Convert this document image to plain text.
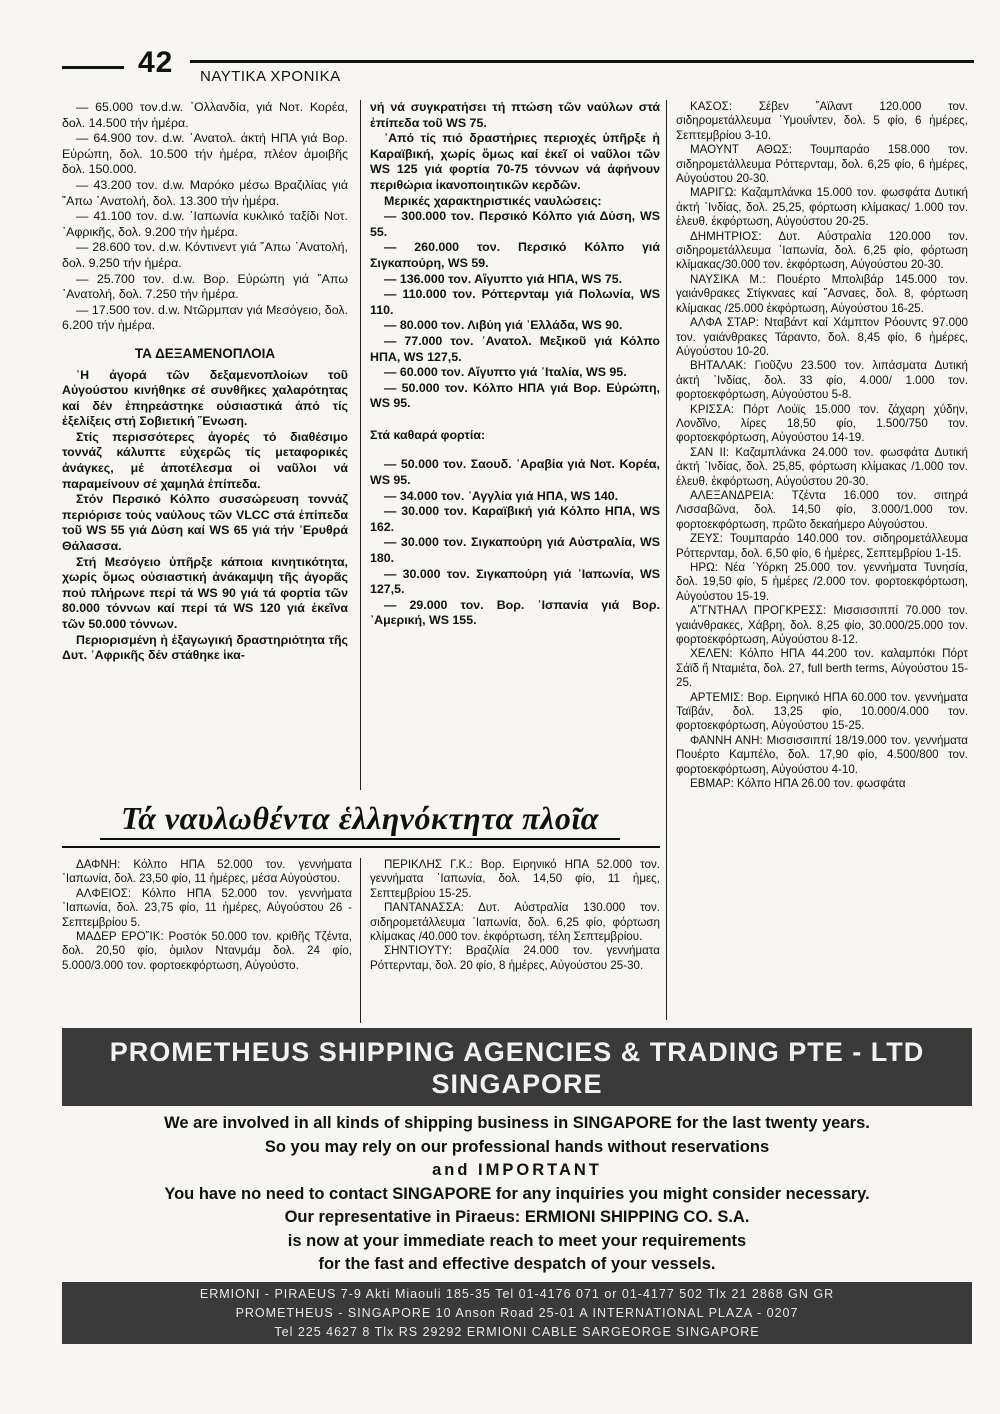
42 ΝΑΥΤΙΚΑ ΧΡΟΝΙΚΑ

— 65.000 τον.d.w. ᾿Ολλανδία, γιά Νοτ. Κορέα, δολ. 14.500 τήν ἡμέρα.

— 64.900 τον. d.w. ᾿Ανατολ. ἀκτή ΗΠΑ γιά Βορ. Εὐρώπη, δολ. 10.500 τήν ἡμέρα, πλέον ἀμοιβῆς δολ. 150.000.

— 43.200 τον. d.w. Μαρόκο μέσω Βραζιλίας γιά ῎Απω ᾿Ανατολή, δολ. 13.300 τήν ἡμέρα.

— 41.100 τον. d.w. ᾿Ιαπωνία κυκλικό ταξίδι Νοτ. ᾿Αφρικῆς, δολ. 9.200 τήν ἡμέρα.

— 28.600 τον. d.w. Κόντινεντ γιά ῎Απω ᾿Ανατολή, δολ. 9.250 τήν ἡμέρα.

— 25.700 τον. d.w. Βορ. Εὐρώπη γιά ῎Απω ᾿Ανατολή, δολ. 7.250 τήν ἡμέρα.

— 17.500 τον. d.w. Ντῶρμπαν γιά Μεσόγειο, δολ. 6.200 τήν ἡμέρα.

ΤΑ ΔΕΞΑΜΕΝΟΠΛΟΙΑ

῾Η ἀγορά τῶν δεξαμενοπλοίων τοῦ Αὐγούστου κινήθηκε σέ συνθῆκες χαλαρότητας καί δέν ἐπηρεάστηκε οὐσιαστικά ἀπό τίς ἐξελίξεις στή Σοβιετική ῞Ενωση.

Στίς περισσότερες ἀγορές τό διαθέσιμο τοννάζ κάλυπτε εὐχερῶς τίς μεταφορικές ἀνάγκες, μέ ἀποτέλεσμα οἱ ναῦλοι νά παραμείνουν σέ χαμηλά ἐπίπεδα.

Στόν Περσικό Κόλπο συσσώρευση τοννάζ περιόρισε τούς ναύλους τῶν VLCC στά ἐπίπεδα τοῦ WS 55 γιά Δύση καί WS 65 γιά τήν ᾿Ερυθρά Θάλασσα.

Στή Μεσόγειο ὑπῆρξε κάποια κινητικότητα, χωρίς ὅμως οὐσιαστική ἀνάκαμψη τῆς ἀγορᾶς πού πλήρωνε περί τά WS 90 γιά τά φορτία τῶν 80.000 τόννων καί περί τά WS 120 γιά ἐκεῖνα τῶν 50.000 τόννων.

Περιορισμένη ἡ ἐξαγωγική δραστηριότητα τῆς Δυτ. ᾿Αφρικῆς δέν στάθηκε ἱκα-

νή νά συγκρατήσει τή πτώση τῶν ναύλων στά ἐπίπεδα τοῦ WS 75.

᾿Από τίς πιό δραστήριες περιοχές ὑπῆρξε ἡ Καραϊβική, χωρίς ὅμως καί ἐκεῖ οἱ ναῦλοι τῶν WS 125 γιά φορτία 70-75 τόννων νά ἀφήνουν περιθώρια ἱκανοποιητικῶν κερδῶν.

Μερικές χαρακτηριστικές ναυλώσεις:

— 300.000 τον. Περσικό Κόλπο γιά Δύση, WS 55.

— 260.000 τον. Περσικό Κόλπο γιά Σιγκαπούρη, WS 59.

— 136.000 τον. Αἴγυπτο γιά ΗΠΑ, WS 75.

— 110.000 τον. Ρόττερνταμ γιά Πολωνία, WS 110.

— 80.000 τον. Λιβύη γιά ᾿Ελλάδα, WS 90.

— 77.000 τον. ᾿Ανατολ. Μεξικοῦ γιά Κόλπο ΗΠΑ, WS 127,5.

— 60.000 τον. Αἴγυπτο γιά ᾿Ιταλία, WS 95.

— 50.000 τον. Κόλπο ΗΠΑ γιά Βορ. Εὐρώπη, WS 95.

Στά καθαρά φορτία:

— 50.000 τον. Σαουδ. ᾿Αραβία γιά Νοτ. Κορέα, WS 95.

— 34.000 τον. ᾿Αγγλία γιά ΗΠΑ, WS 140.

— 30.000 τον. Καραϊβική γιά Κόλπο ΗΠΑ, WS 162.

— 30.000 τον. Σιγκαπούρη γιά Αὐστραλία, WS 180.

— 30.000 τον. Σιγκαπούρη γιά ᾿Ιαπωνία, WS 127,5.

— 29.000 τον. Βορ. ᾿Ισπανία γιά Βορ. ᾿Αμερική, WS 155.

ΚΑΣΟΣ: Σέβεν ῎Αϊλαντ 120.000 τον. σιδηρομετάλλευμα ῾Υμουΐντεν, δολ. 5 φίο, 6 ἡμέρες, Σεπτεμβρίου 3-10.

ΜΑΟΥΝΤ ΑΘΩΣ: Τουμπαράο 158.000 τον. σιδηρομετάλλευμα Ρόττερνταμ, δολ. 6,25 φίο, 6 ἡμέρες, Αὐγούστου 20-30.

ΜΑΡΙΓΩ: Καζαμπλάνκα 15.000 τον. φωσφάτα Δυτική ἀκτή ᾿Ινδίας, δολ. 25,25, φόρτωση κλίμακας/ 1.000 τον. ἐλευθ. ἐκφόρτωση, Αὐγούστου 20-25.

ΔΗΜΗΤΡΙΟΣ: Δυτ. Αὐστραλία 120.000 τον. σιδηρομετάλλευμα ᾿Ιαπωνία, δολ. 6,25 φίο, φόρτωση κλίμακας/30.000 τον. ἐκφόρτωση, Αὐγούστου 20-30.

ΝΑΥΣΙΚΑ Μ.: Πουέρτο Μπολιβάρ 145.000 τον. γαιάνθρακες Στίγκναες καί ῎Ασναες, δολ. 8, φόρτωση κλίμακας /25.000 ἐκφόρτωση, Αὐγούστου 16-25.

ΑΛΦΑ ΣΤΑΡ: Νταβάντ καί Χάμπτον Ρόουντς 97.000 τον. γαιάνθρακες Τάραντο, δολ. 8,45 φίο, 6 ἡμέρες, Αὐγούστου 10-20.

ΒΗΤΑΛΑΚ: Γιοῦζνυ 23.500 τον. λιπάσματα Δυτική ἀκτή ᾿Ινδίας, δολ. 33 φίο, 4.000/ 1.000 τον. φορτοεκφόρτωση, Αὐγούστου 5-8.

ΚΡΙΣΣΑ: Πόρτ Λούϊς 15.000 τον. ζάχαρη χύδην, Λονδῖνο, λίρες 18,50 φίο, 1.500/750 τον. φορτοεκφόρτωση, Αὐγούστου 14-19.

ΣΑΝ ΙΙ: Καζαμπλάνκα 24.000 τον. φωσφάτα Δυτική ἀκτή ᾿Ινδίας, δολ. 25,85, φόρτωση κλίμακας /1.000 τον. ἐλευθ. ἐκφόρτωση, Αὐγούστου 20-30.

ΑΛΕΞΑΝΔΡΕΙΑ: Τζέντα 16.000 τον. σιτηρά Λισσαβῶνα, δολ. 14,50 φίο, 3.000/1.000 τον. φορτοεκφόρτωση, πρῶτο δεκαήμερο Αὐγούστου.

ΖΕΥΣ: Τουμπαράο 140.000 τον. σιδηρομετάλλευμα Ρόττερνταμ, δολ. 6,50 φίο, 6 ἡμέρες, Σεπτεμβρίου 1-15.

ΗΡΩ: Νέα ῾Υόρκη 25.000 τον. γεννήματα Τυνησία, δολ. 19,50 φίο, 5 ἡμέρες /2.000 τον. φορτοεκφόρτωση, Αὐγούστου 15-19.

Α῞ΓΝΤΗΑΛ ΠΡΟΓΚΡΕΣΣ: Μισσισσιππί 70.000 τον. γαιάνθρακες, Χάβρη, δολ. 8,25 φίο, 30.000/25.000 τον. φορτοεκφόρτωση, Αὐγούστου 8-12.

ΧΕΛΕΝ: Κόλπο ΗΠΑ 44.200 τον. καλαμπόκι Πόρτ Σάϊδ ἤ Νταμιέτα, δολ. 27, full berth terms, Αὐγούστου 15-25.

ΑΡΤΕΜΙΣ: Βορ. Ειρηνικό ΗΠΑ 60.000 τον. γεννήματα Ταϊβάν, δολ. 13,25 φίο, 10.000/4.000 τον. φορτοεκφόρτωση, Αὐγούστου 15-25.

ΦΑΝΝΗ ΑΝΗ: Μισσισσιππί 18/19.000 τον. γεννήματα Πουέρτο Καμπέλο, δολ. 17,90 φίο, 4.500/800 τον. φορτοεκφόρτωση, Αὐγούστου 4-10.

ΕΒΜΑΡ: Κόλπο ΗΠΑ 26.00 τον. φωσφάτα

Τά ναυλωθέντα ἑλληνόκτητα πλοῖα

ΔΑΦΝΗ: Κόλπο ΗΠΑ 52.000 τον. γεννήματα ᾿Ιαπωνία, δολ. 23,50 φίο, 11 ἡμέρες, μέσα Αὐγούστου.

ΑΛΦΕΙΟΣ: Κόλπο ΗΠΑ 52.000 τον. γεννήματα ᾿Ιαπωνία, δολ. 23,75 φίο, 11 ἡμέρες, Αὐγούστου 26 - Σεπτεμβρίου 5.

ΜΑΔΕΡ ΕΡΟ῞ΙΚ: Ροστόκ 50.000 τον. κριθῆς Τζέντα, δολ. 20,50 φίο, ὁμιλον Ντανμάμ δολ. 24 φίο, 5.000/3.000 τον. φορτοεκφόρτωση, Αὐγούστο.

ΠΕΡΙΚΛΗΣ Γ.Κ.: Βορ. Ειρηνικό ΗΠΑ 52.000 τον. γεννήματα ᾿Ιαπωνία, δολ. 14,50 φίο, 11 ἡμες, Σεπτεμβρίου 15-25.

ΠΑΝΤΑΝΑΣΣΑ: Δυτ. Αὐστραλία 130.000 τον. σιδηρομετάλλευμα ᾿Ιαπωνία, δολ. 6,25 φίο, φόρτωση κλίμακας /40.000 τον. ἐκφόρτωση, τέλη Σεπτεμβρίου.

ΣΗΝΤΙΟΥΤΥ: Βραζιλία 24.000 τον. γεννήματα Ρόττερνταμ, δολ. 20 φίο, 8 ἡμέρες, Αὐγούστου 25-30.

PROMETHEUS SHIPPING AGENCIES & TRADING PTE - LTD
SINGAPORE
We are involved in all kinds of shipping business in SINGAPORE for the last twenty years.
So you may rely on our professional hands without reservations
and IMPORTANT
You have no need to contact SINGAPORE for any inquiries you might consider necessary.
Our representative in Piraeus: ERMIONI SHIPPING CO. S.A.
is now at your immediate reach to meet your requirements
for the fast and effective despatch of your vessels.
ERMIONI - PIRAEUS 7-9 Akti Miaouli 185-35 Tel 01-4176 071 or 01-4177 502 Tlx 21 2868 GN GR
PROMETHEUS - SINGAPORE 10 Anson Road 25-01 A INTERNATIONAL PLAZA - 0207
Tel 225 4627 8 Tlx RS 29292 ERMIONI CABLE SARGEORGE SINGAPORE
